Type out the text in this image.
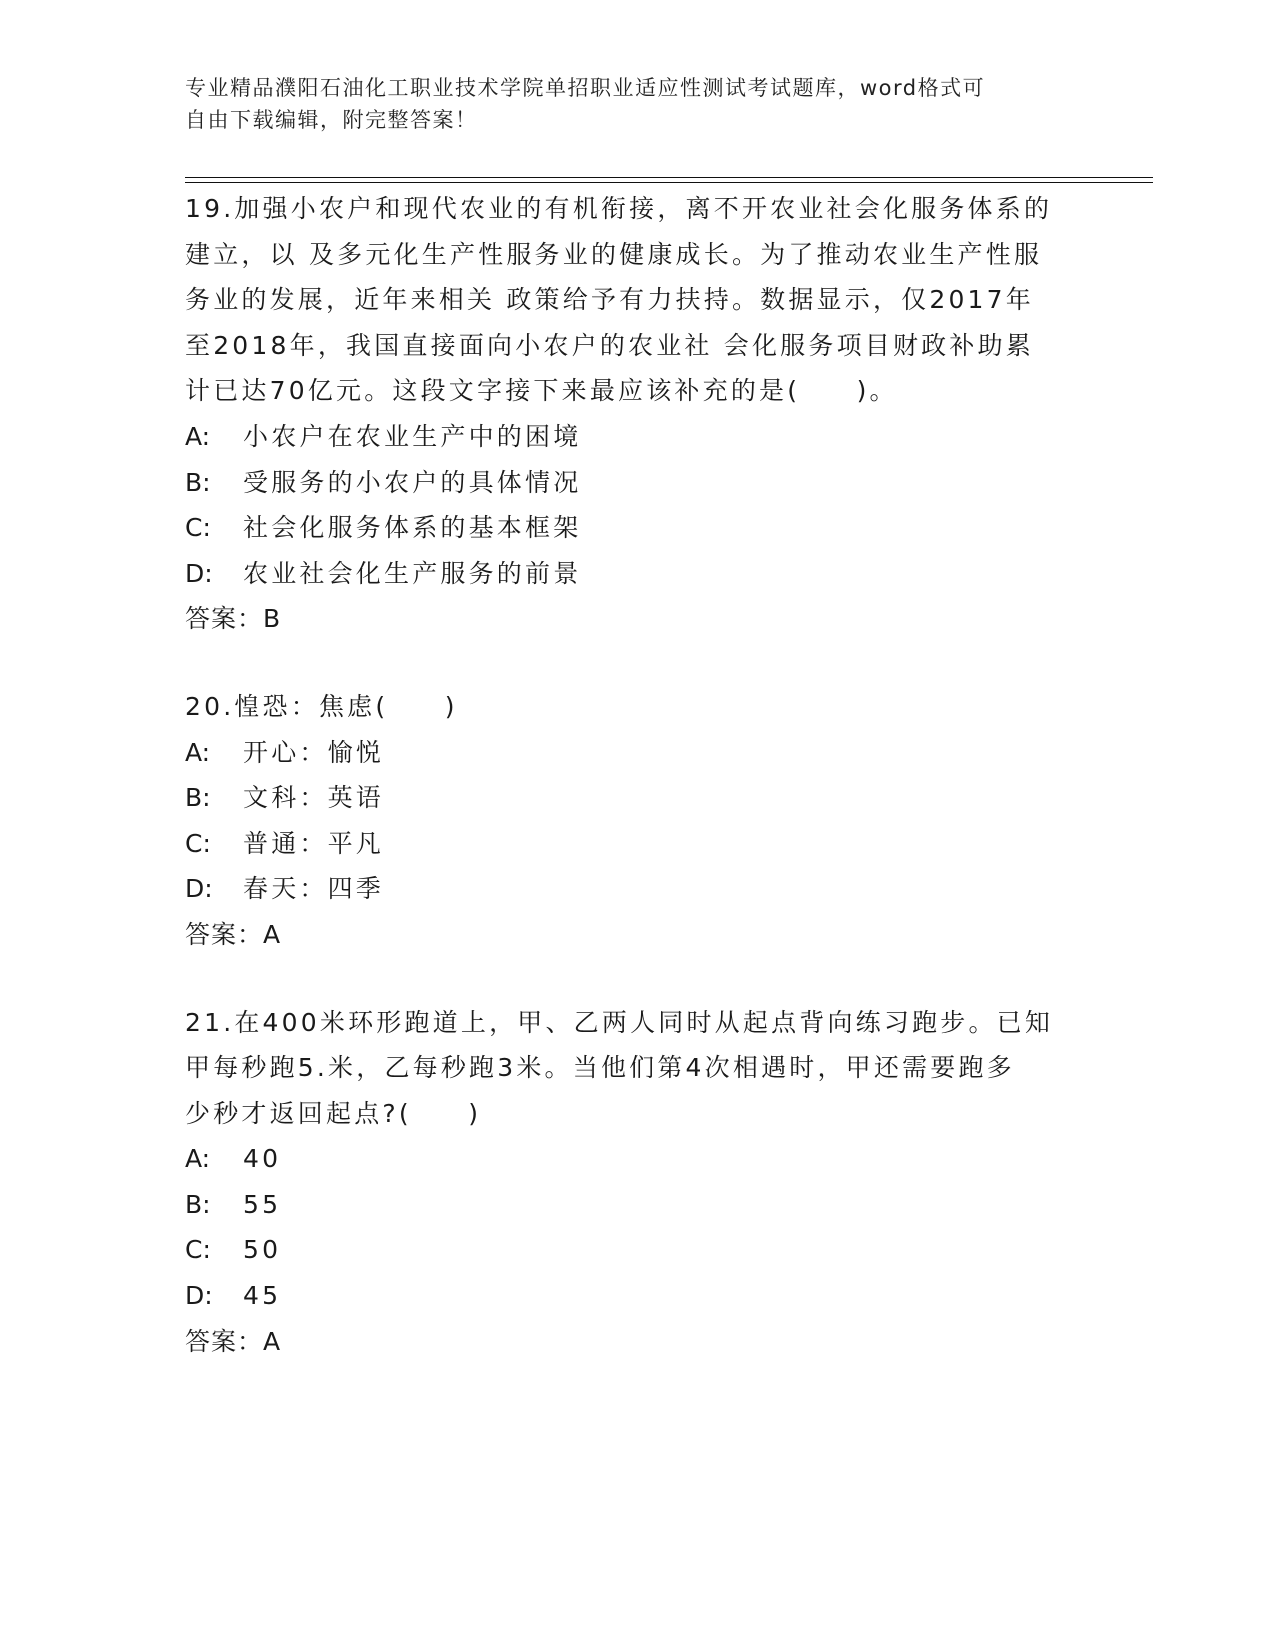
专业精品濮阳石油化工职业技术学院单招职业适应性测试考试题库，word格式可
自由下载编辑，附完整答案！

19.加强小农户和现代农业的有机衔接，离不开农业社会化服务体系的

建立，以 及多元化生产性服务业的健康成长。为了推动农业生产性服

务业的发展，近年来相关 政策给予有力扶持。数据显示，仅2017年

至2018年，我国直接面向小农户的农业社 会化服务项目财政补助累

计已达70亿元。这段文字接下来最应该补充的是(　　)。

A: 小农户在农业生产中的困境

B: 受服务的小农户的具体情况

C: 社会化服务体系的基本框架

D: 农业社会化生产服务的前景

答案：B

20.惶恐：焦虑(　　)

A: 开心：愉悦

B: 文科：英语

C: 普通：平凡

D: 春天：四季

答案：A

21.在400米环形跑道上，甲、乙两人同时从起点背向练习跑步。已知

甲每秒跑5.米，乙每秒跑3米。当他们第4次相遇时，甲还需要跑多

少秒才返回起点?(　　)

A: 40

B: 55

C: 50

D: 45

答案：A
